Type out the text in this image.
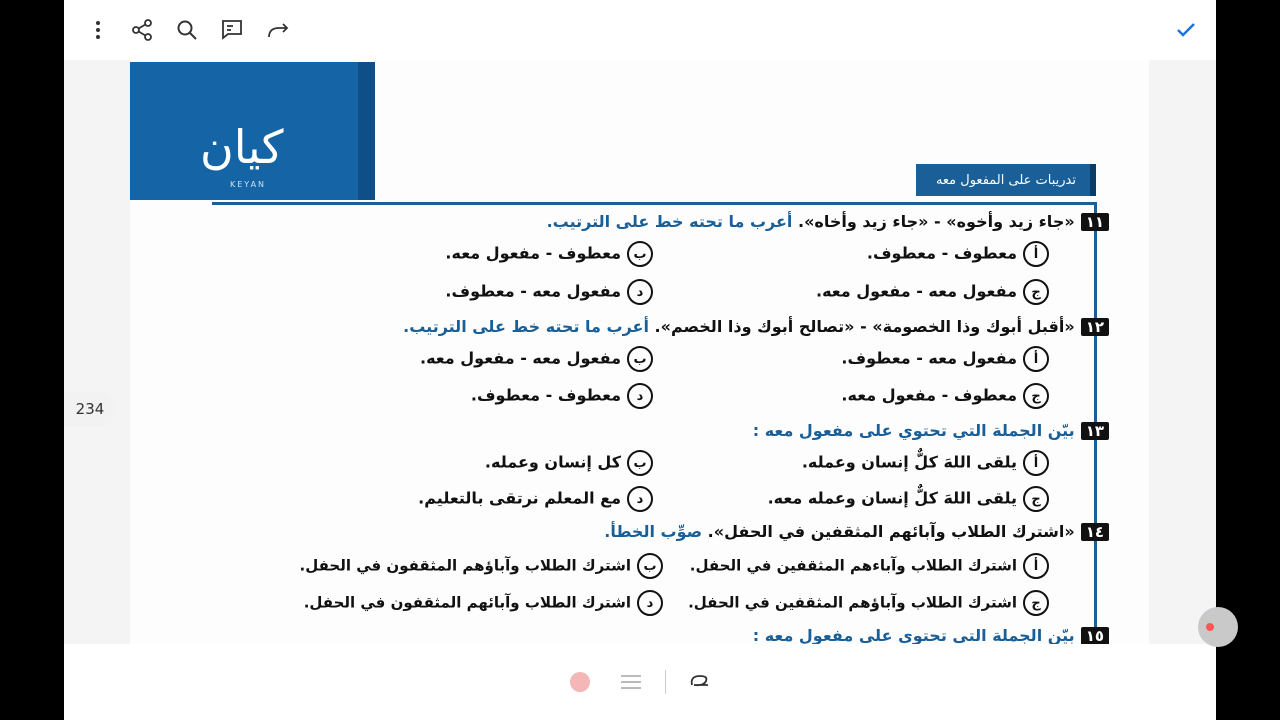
كيان
KEYAN	تدريبات على المفعول معه
١١«جاء زيد وأخوه» - «جاء زيد وأخاه». أعرب ما تحته خط على الترتيب.
أمعطوف - معطوف.
بمعطوف - مفعول معه.
جمفعول معه - مفعول معه.
دمفعول معه - معطوف.
١٢«أقبل أبوك وذا الخصومة» - «تصالح أبوك وذا الخصم». أعرب ما تحته خط على الترتيب.
أمفعول معه - معطوف.
بمفعول معه - مفعول معه.
جمعطوف - مفعول معه.
دمعطوف - معطوف.
١٣بيّن الجملة التي تحتوي على مفعول معه :
أيلقى اللهَ كلٌّ إنسان وعمله.
بكل إنسان وعمله.
جيلقى اللهَ كلٌّ إنسان وعمله معه.
دمع المعلم نرتقى بالتعليم.
١٤«اشترك الطلاب وآبائهم المثقفين في الحفل». صوِّب الخطأ.
أاشترك الطلاب وآباءهم المثقفين في الحفل.
باشترك الطلاب وآباؤهم المثقفون في الحفل.
جاشترك الطلاب وآباؤهم المثقفين في الحفل.
داشترك الطلاب وآبائهم المثقفون في الحفل.
١٥بيّن الجملة التي تحتوي على مفعول معه :
234
